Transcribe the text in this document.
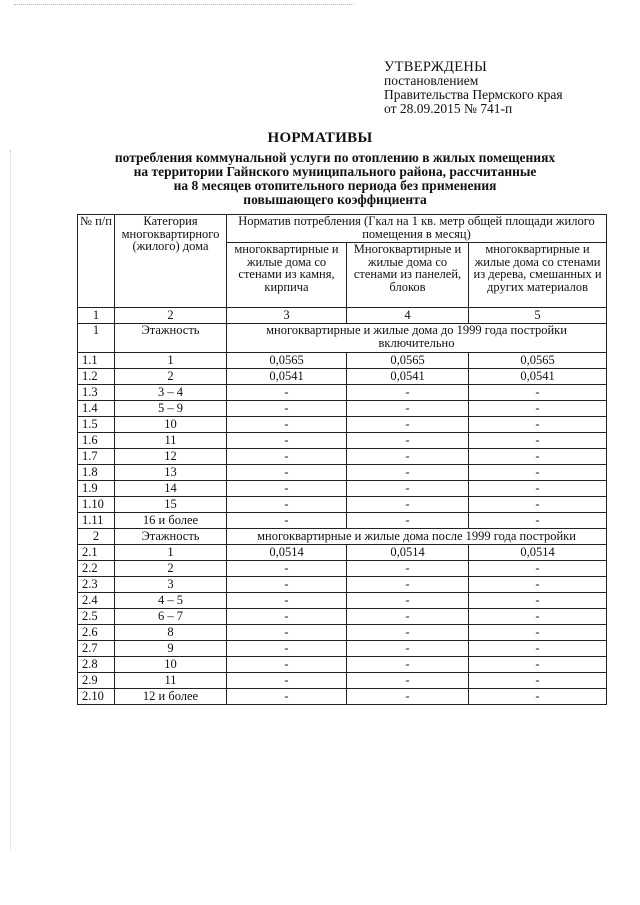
УТВЕРЖДЕНЫ
постановлением
Правительства Пермского края
от 28.09.2015 № 741-п
НОРМАТИВЫ
потребления коммунальной услуги по отоплению в жилых помещениях
на территории Гайнского муниципального района, рассчитанные
на 8 месяцев отопительного периода без применения
повышающего коэффициента
№ п/п	Категория многоквартирного (жилого) дома	Норматив потребления (Гкал на 1 кв. метр общей площади жилого помещения в месяц)		
		многоквартирные и жилые дома со стенами из камня, кирпича	Многоквартирные и жилые дома со стенами из панелей, блоков	многоквартирные и жилые дома со стенами из дерева, смешанных и других материалов
1	2	3	4	5
1	Этажность	многоквартирные и жилые дома до 1999 года постройки включительно		
1.1	1	0,0565	0,0565	0,0565
1.2	2	0,0541	0,0541	0,0541
1.3	3 – 4	-	-	-
1.4	5 – 9	-	-	-
1.5	10	-	-	-
1.6	11	-	-	-
1.7	12	-	-	-
1.8	13	-	-	-
1.9	14	-	-	-
1.10	15	-	-	-
1.11	16 и более	-	-	-
2	Этажность	многоквартирные и жилые дома после 1999 года постройки		
2.1	1	0,0514	0,0514	0,0514
2.2	2	-	-	-
2.3	3	-	-	-
2.4	4 – 5	-	-	-
2.5	6 – 7	-	-	-
2.6	8	-	-	-
2.7	9	-	-	-
2.8	10	-	-	-
2.9	11	-	-	-
2.10	12 и более	-	-	-
